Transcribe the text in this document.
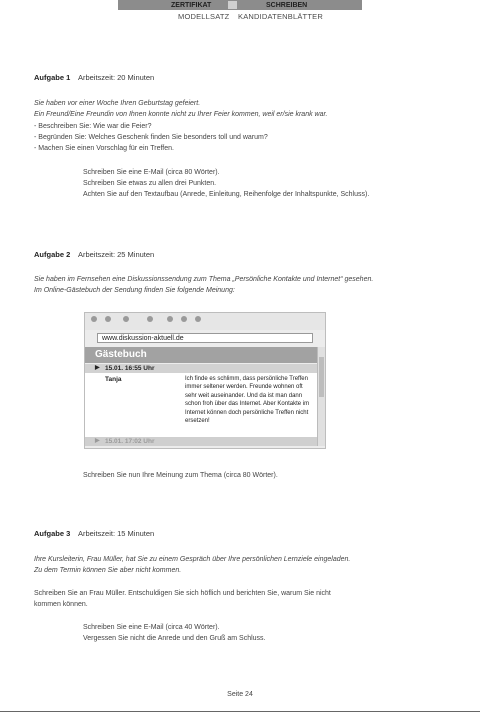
ZERTIFIKAT	SCHREIBEN
MODELLSATZ KANDIDATENBLÄTTER
Aufgabe 1 Arbeitszeit: 20 Minuten
Sie haben vor einer Woche Ihren Geburtstag gefeiert.
Ein Freund/Eine Freundin von Ihnen konnte nicht zu Ihrer Feier kommen, weil er/sie krank war.
- Beschreiben Sie: Wie war die Feier?
- Begründen Sie: Welches Geschenk finden Sie besonders toll und warum?
- Machen Sie einen Vorschlag für ein Treffen.
Schreiben Sie eine E-Mail (circa 80 Wörter).
Schreiben Sie etwas zu allen drei Punkten.
Achten Sie auf den Textaufbau (Anrede, Einleitung, Reihenfolge der Inhaltspunkte, Schluss).
Aufgabe 2 Arbeitszeit: 25 Minuten
Sie haben im Fernsehen eine Diskussionssendung zum Thema „Persönliche Kontakte und Internet“ gesehen.
Im Online-Gästebuch der Sendung finden Sie folgende Meinung:
www.diskussion-aktuell.de
Gästebuch
▶ 15.01. 16:55 Uhr
Tanja	Ich finde es schlimm, dass persönliche Treffen immer seltener werden. Freunde wohnen oft sehr weit auseinander. Und da ist man dann schon froh über das Internet. Aber Kontakte im Internet können doch persönliche Treffen nicht ersetzen!

▶ 15.01. 17:02 Uhr
Schreiben Sie nun Ihre Meinung zum Thema (circa 80 Wörter).
Aufgabe 3 Arbeitszeit: 15 Minuten
Ihre Kursleiterin, Frau Müller, hat Sie zu einem Gespräch über Ihre persönlichen Lernziele eingeladen.
Zu dem Termin können Sie aber nicht kommen.
Schreiben Sie an Frau Müller. Entschuldigen Sie sich höflich und berichten Sie, warum Sie nicht
kommen können.
Schreiben Sie eine E-Mail (circa 40 Wörter).
Vergessen Sie nicht die Anrede und den Gruß am Schluss.
Seite 24
